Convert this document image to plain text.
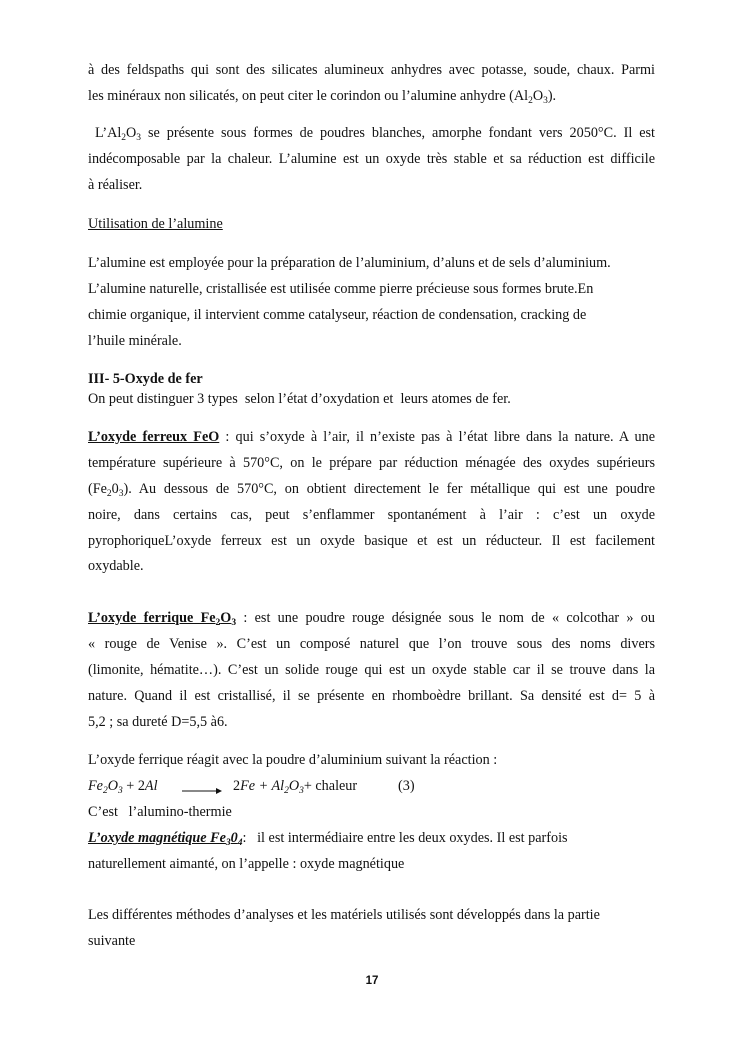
à des feldspaths qui sont des silicates alumineux anhydres avec potasse, soude, chaux. Parmi
les minéraux non silicatés, on peut citer le corindon ou l’alumine anhydre $(Al_2O_3)$.
$L’Al_2O_3$ se présente sous formes de poudres blanches, amorphe fondant vers 2050°C. Il est
indécomposable par la chaleur. L’alumine est un oxyde très stable et sa réduction est difficile
à réaliser.
Utilisation de l’alumine
L’alumine est employée pour la préparation de l’aluminium, d’aluns et de sels d’aluminium.
L’alumine naturelle, cristallisée est utilisée comme pierre précieuse sous formes brute.En
chimie organique, il intervient comme catalyseur, réaction de condensation, cracking de
l’huile minérale.
III- 5-Oxyde de fer
On peut distinguer 3 types  selon l’état d’oxydation et  leurs atomes de fer.
L’oxyde ferreux FeO : qui s’oxyde à l’air, il n’existe pas à l’état libre dans la nature. A une
température supérieure à 570°C, on le prépare par réduction ménagée des oxydes supérieurs
$(Fe_20_3)$. Au dessous de 570°C, on obtient directement le fer métallique qui est une poudre
noire, dans certains cas, peut s’enflammer spontanément à l’air : c’est un oxyde
pyrophoriqueL’oxyde ferreux est un oxyde basique et est un réducteur. Il est facilement
oxydable.
L’oxyde ferrique $Fe_2O_3$ : est une poudre rouge désignée sous le nom de « colcothar » ou
« rouge de Venise ». C’est un composé naturel que l’on trouve sous des noms divers
(limonite, hématite…). C’est un solide rouge qui est un oxyde stable car il se trouve dans la
nature. Quand il est cristallisé, il se présente en rhomboèdre brillant. Sa densité est d= 5 à
5,2 ; sa dureté D=5,5 à6.
L’oxyde ferrique réagit avec la poudre d’aluminium suivant la réaction :
$Fe_2O_3 + 2Al \to 2Fe + Al_2O_3+$ chaleur	(3)
C’est   l’alumino-thermie
L’oxyde magnétique $Fe_30_4$:   il est intermédiaire entre les deux oxydes. Il est parfois
naturellement aimanté, on l’appelle : oxyde magnétique
Les différentes méthodes d’analyses et les matériels utilisés sont développés dans la partie
suivante
17
